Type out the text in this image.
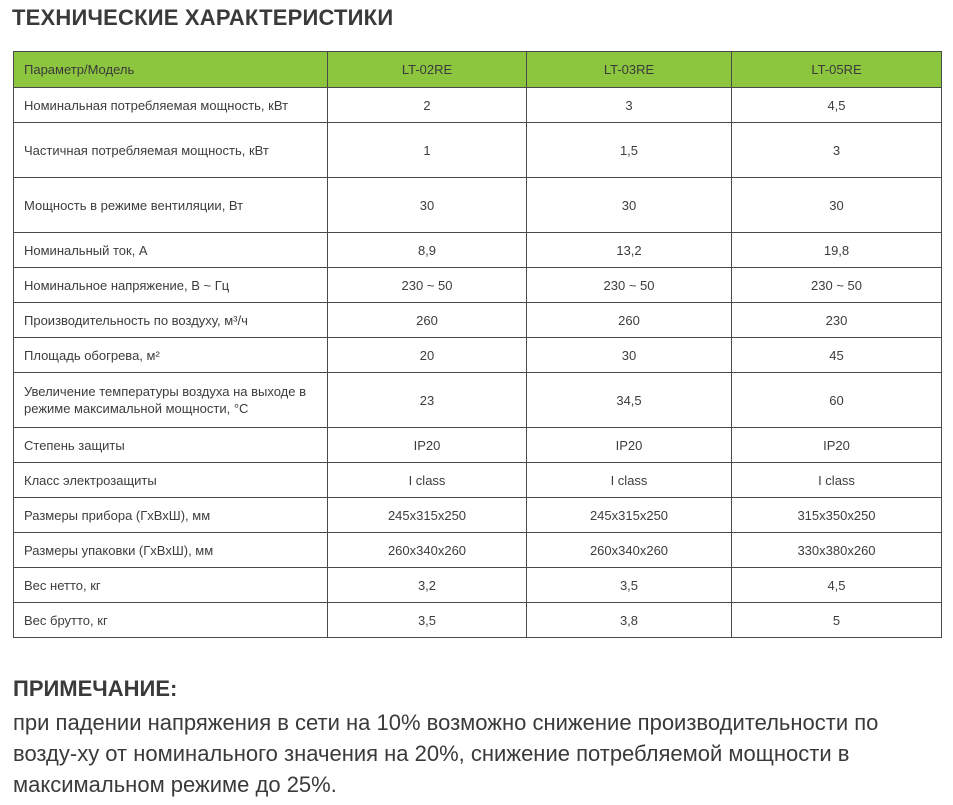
ТЕХНИЧЕСКИЕ ХАРАКТЕРИСТИКИ
Параметр/Модель	LT-02RE	LT-03RE	LT-05RE
Номинальная потребляемая мощность, кВт	2	3	4,5
Частичная потребляемая мощность, кВт	1	1,5	3
Мощность в режиме вентиляции, Вт	30	30	30
Номинальный ток, А	8,9	13,2	19,8
Номинальное напряжение, В ~ Гц	230 ~ 50	230 ~ 50	230 ~ 50
Производительность по воздуху, м³/ч	260	260	230
Площадь обогрева, м²	20	30	45
Увеличение температуры воздуха на выходе в режиме максимальной мощности, °С	23	34,5	60
Степень защиты	IP20	IP20	IP20
Класс электрозащиты	I class	I class	I class
Размеры прибора (ГхВхШ), мм	245х315х250	245х315х250	315х350х250
Размеры упаковки (ГхВхШ), мм	260х340х260	260х340х260	330х380х260
Вес нетто, кг	3,2	3,5	4,5
Вес брутто, кг	3,5	3,8	5
ПРИМЕЧАНИЕ:
при падении напряжения в сети на 10% возможно снижение производительности по возду-ху от номинального значения на 20%, снижение потребляемой мощности в максимальном режиме до 25%.
